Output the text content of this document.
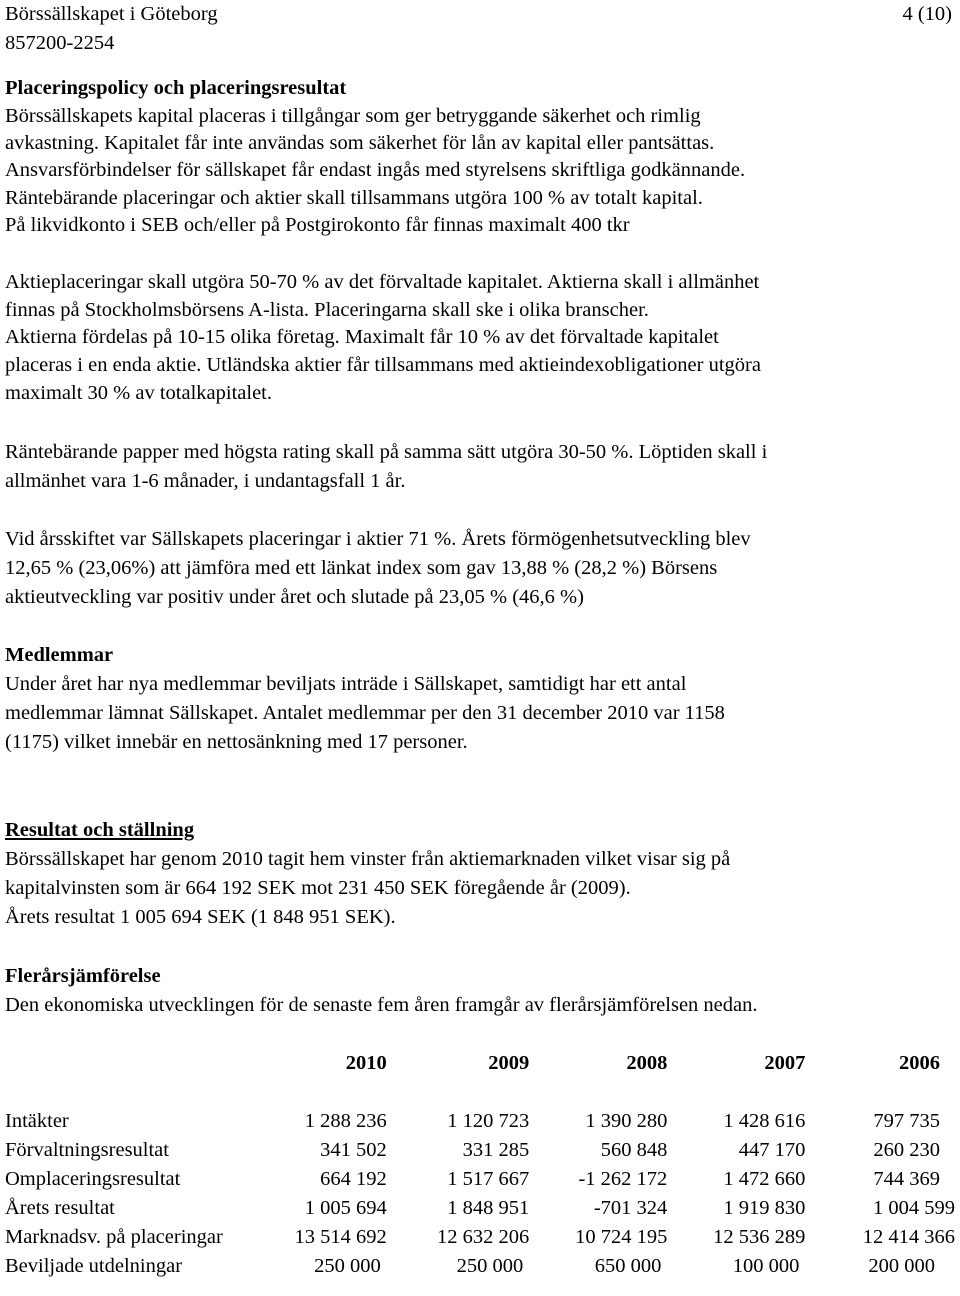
Börssällskapet i Göteborg
857200-2254
4 (10)
Placeringspolicy och placeringsresultat
Börssällskapets kapital placeras i tillgångar som ger betryggande säkerhet och rimlig
avkastning. Kapitalet får inte användas som säkerhet för lån av kapital eller pantsättas.
Ansvarsförbindelser för sällskapet får endast ingås med styrelsens skriftliga godkännande.
Räntebärande placeringar och aktier skall tillsammans utgöra 100 % av totalt kapital.
På likvidkonto i SEB och/eller på Postgirokonto får finnas maximalt 400 tkr
Aktieplaceringar skall utgöra 50-70 % av det förvaltade kapitalet. Aktierna skall i allmänhet
finnas på Stockholmsbörsens A-lista. Placeringarna skall ske i olika branscher.
Aktierna fördelas på 10-15 olika företag. Maximalt får 10 % av det förvaltade kapitalet
placeras i en enda aktie. Utländska aktier får tillsammans med aktieindexobligationer utgöra
maximalt 30 % av totalkapitalet.
Räntebärande papper med högsta rating skall på samma sätt utgöra 30-50 %. Löptiden skall i
allmänhet vara 1-6 månader, i undantagsfall 1 år.
Vid årsskiftet var Sällskapets placeringar i aktier 71 %. Årets förmögenhetsutveckling blev
12,65 % (23,06%) att jämföra med ett länkat index som gav 13,88 % (28,2 %) Börsens
aktieutveckling var positiv under året och slutade på 23,05 % (46,6 %)
Medlemmar
Under året har nya medlemmar beviljats inträde i Sällskapet, samtidigt har ett antal
medlemmar lämnat Sällskapet. Antalet medlemmar per den 31 december 2010 var 1158
(1175) vilket innebär en nettosänkning med 17 personer.
Resultat och ställning
Börssällskapet har genom 2010 tagit hem vinster från aktiemarknaden vilket visar sig på
kapitalvinsten som är 664 192 SEK mot 231 450 SEK föregående år (2009).
Årets resultat 1 005 694 SEK (1 848 951 SEK).
Flerårsjämförelse
Den ekonomiska utvecklingen för de senaste fem åren framgår av flerårsjämförelsen nedan.
	2010	2009	2008	2007	2006

Intäkter	1 288 236	1 120 723	1 390 280	1 428 616	797 735
Förvaltningsresultat	341 502	331 285	560 848	447 170	260 230
Omplaceringsresultat	664 192	1 517 667	-1 262 172	1 472 660	744 369
Årets resultat	1 005 694	1 848 951	-701 324	1 919 830	1 004 599
Marknadsv. på placeringar	13 514 692	12 632 206	10 724 195	12 536 289	12 414 366
Beviljade utdelningar	250 000	250 000	650 000	100 000	200 000
